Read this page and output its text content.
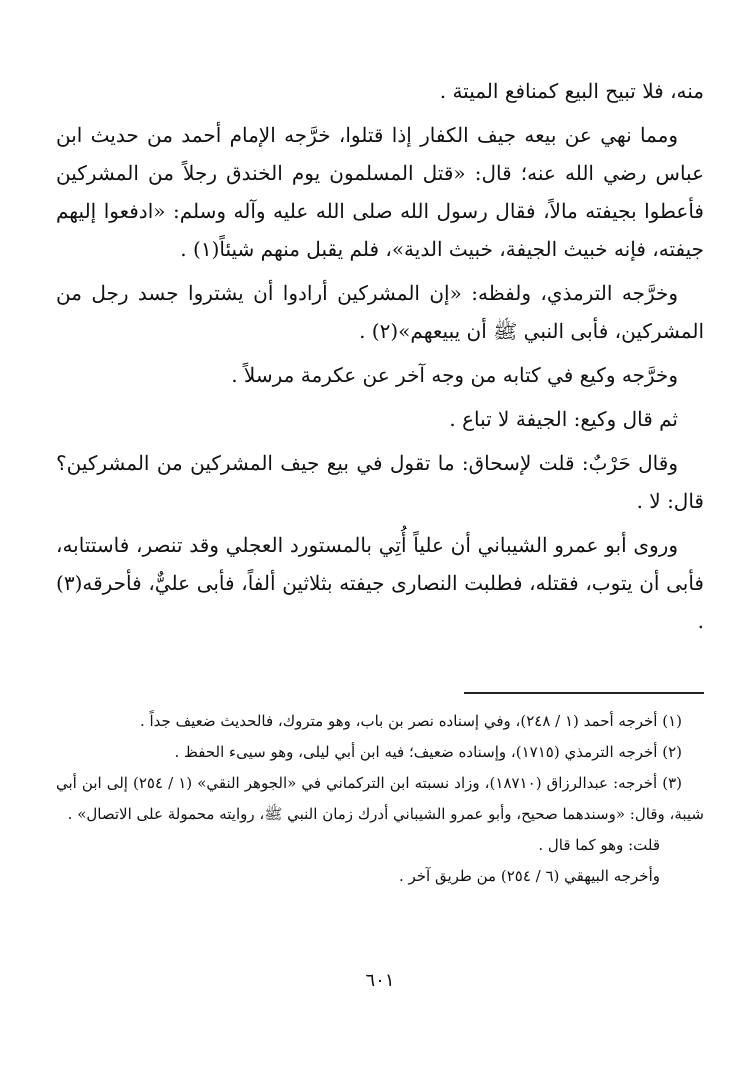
منه، فلا تبيح البيع كمنافع الميتة .

ومما نهي عن بيعه جيف الكفار إذا قتلوا، خرَّجه الإمام أحمد من حديث ابن عباس رضي الله عنه؛ قال: «قتل المسلمون يوم الخندق رجلاً من المشركين فأعطوا بجيفته مالاً، فقال رسول الله صلى الله عليه وآله وسلم: «ادفعوا إليهم جيفته، فإنه خبيث الجيفة، خبيث الدية»، فلم يقبل منهم شيئاً(١) .

وخرَّجه الترمذي، ولفظه: «إن المشركين أرادوا أن يشتروا جسد رجل من المشركين، فأبى النبي ﷺ أن يبيعهم»(٢) .

وخرَّجه وكيع في كتابه من وجه آخر عن عكرمة مرسلاً .

ثم قال وكيع: الجيفة لا تباع .

وقال حَرْبٌ: قلت لإسحاق: ما تقول في بيع جيف المشركين من المشركين؟ قال: لا .

وروى أبو عمرو الشيباني أن علياً أُتِي بالمستورد العجلي وقد تنصر، فاستتابه، فأبى أن يتوب، فقتله، فطلبت النصارى جيفته بثلاثين ألفاً، فأبى عليٌّ، فأحرقه(٣) .

(١) أخرجه أحمد (١ / ٢٤٨)، وفي إسناده نصر بن باب، وهو متروك، فالحديث ضعيف جداً .

(٢) أخرجه الترمذي (١٧١٥)، وإسناده ضعيف؛ فيه ابن أبي ليلى، وهو سيىء الحفظ .

(٣) أخرجه: عبدالرزاق (١٨٧١٠)، وزاد نسبته ابن التركماني في «الجوهر النقي» (١ / ٢٥٤) إلى ابن أبي شيبة، وقال: «وسندهما صحيح، وأبو عمرو الشيباني أدرك زمان النبي ﷺ، روايته محمولة على الاتصال» .

قلت: وهو كما قال .

وأخرجه البيهقي (٦ / ٢٥٤) من طريق آخر .

٦٠١
